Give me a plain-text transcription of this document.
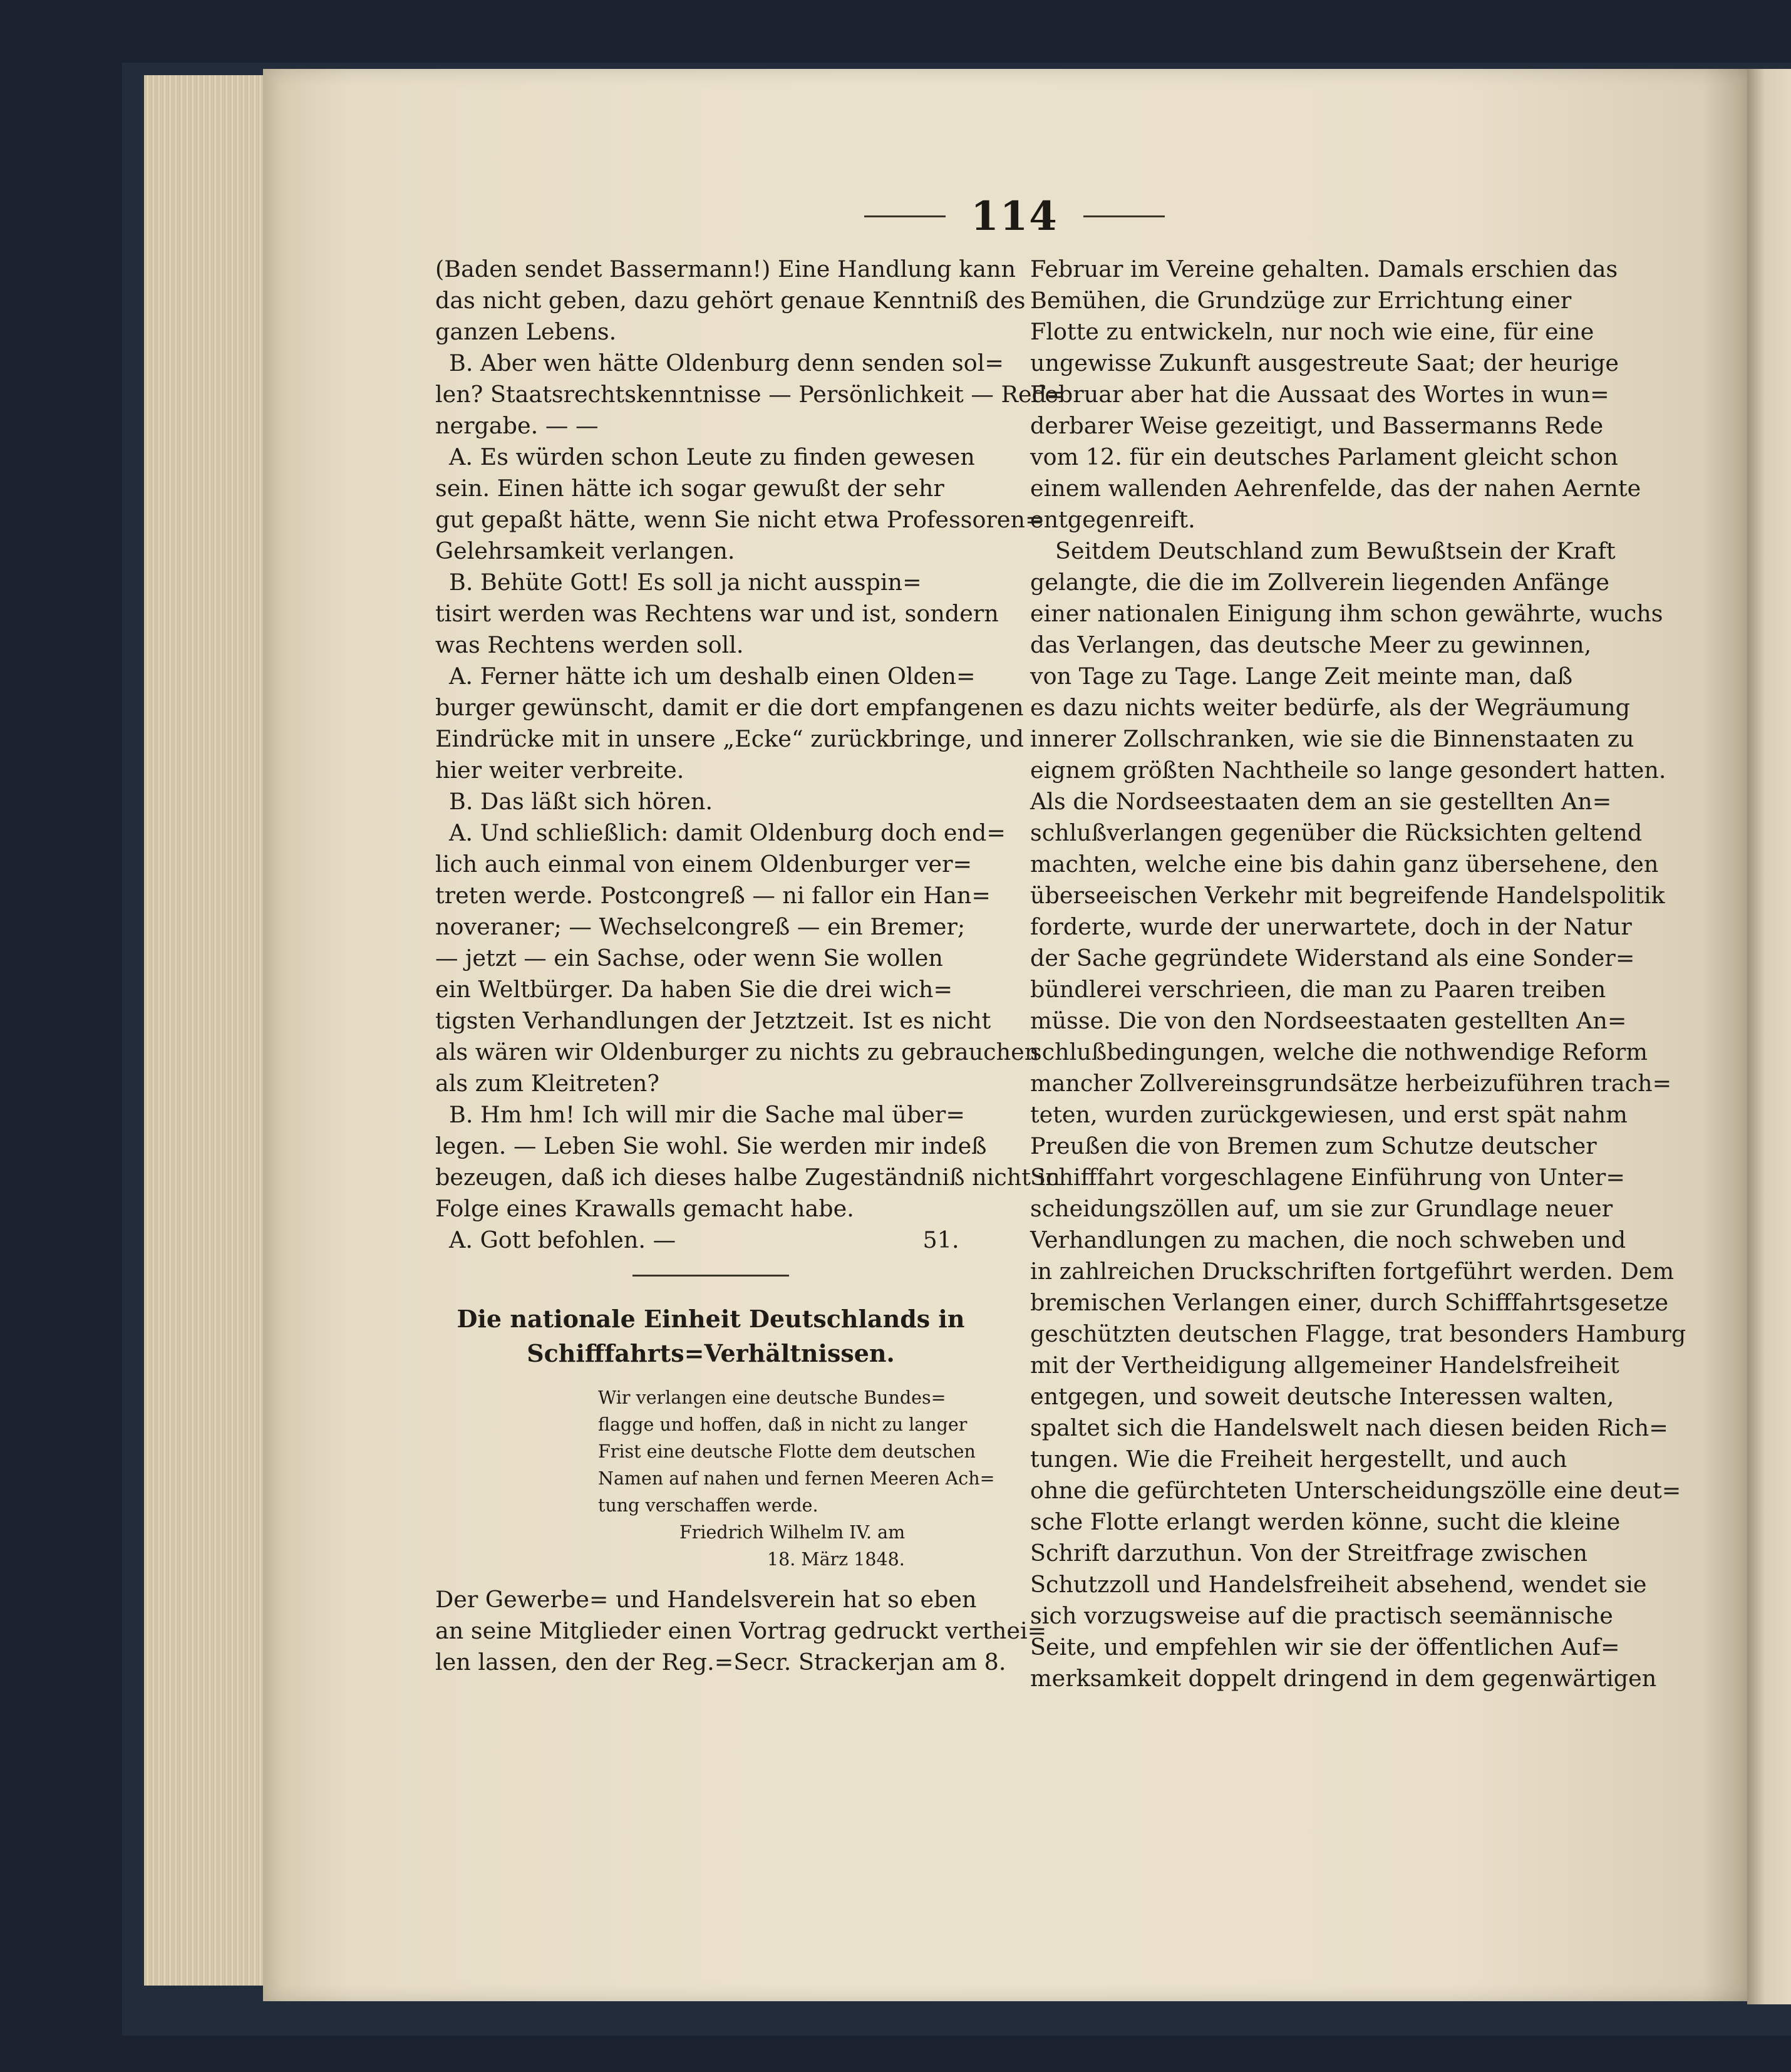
114
(Baden sendet Bassermann!) Eine Handlung kann
das nicht geben, dazu gehört genaue Kenntniß des
ganzen Lebens.
B. Aber wen hätte Oldenburg denn senden sol=
len? Staatsrechtskenntnisse — Persönlichkeit — Red=
nergabe. — —
A. Es würden schon Leute zu finden gewesen
sein. Einen hätte ich sogar gewußt der sehr
gut gepaßt hätte, wenn Sie nicht etwa Professoren=
Gelehrsamkeit verlangen.
B. Behüte Gott! Es soll ja nicht ausspin=
tisirt werden was Rechtens war und ist, sondern
was Rechtens werden soll.
A. Ferner hätte ich um deshalb einen Olden=
burger gewünscht, damit er die dort empfangenen
Eindrücke mit in unsere „Ecke“ zurückbringe, und
hier weiter verbreite.
B. Das läßt sich hören.
A. Und schließlich: damit Oldenburg doch end=
lich auch einmal von einem Oldenburger ver=
treten werde. Postcongreß — ni fallor ein Han=
noveraner; — Wechselcongreß — ein Bremer;
— jetzt — ein Sachse, oder wenn Sie wollen
ein Weltbürger. Da haben Sie die drei wich=
tigsten Verhandlungen der Jetztzeit. Ist es nicht
als wären wir Oldenburger zu nichts zu gebrauchen
als zum Kleitreten?
B. Hm hm! Ich will mir die Sache mal über=
legen. — Leben Sie wohl. Sie werden mir indeß
bezeugen, daß ich dieses halbe Zugeständniß nicht in
Folge eines Krawalls gemacht habe.
A. Gott befohlen. —                                  51.
Die nationale Einheit Deutschlands in
Schifffahrts=Verhältnissen.
Wir verlangen eine deutsche Bundes=
flagge und hoffen, daß in nicht zu langer
Frist eine deutsche Flotte dem deutschen
Namen auf nahen und fernen Meeren Ach=
tung verschaffen werde.
Friedrich Wilhelm IV. am
18. März 1848.
Der Gewerbe= und Handelsverein hat so eben
an seine Mitglieder einen Vortrag gedruckt verthei=
len lassen, den der Reg.=Secr. Strackerjan am 8.
Februar im Vereine gehalten. Damals erschien das
Bemühen, die Grundzüge zur Errichtung einer
Flotte zu entwickeln, nur noch wie eine, für eine
ungewisse Zukunft ausgestreute Saat; der heurige
Februar aber hat die Aussaat des Wortes in wun=
derbarer Weise gezeitigt, und Bassermanns Rede
vom 12. für ein deutsches Parlament gleicht schon
einem wallenden Aehrenfelde, das der nahen Aernte
entgegenreift.
Seitdem Deutschland zum Bewußtsein der Kraft
gelangte, die die im Zollverein liegenden Anfänge
einer nationalen Einigung ihm schon gewährte, wuchs
das Verlangen, das deutsche Meer zu gewinnen,
von Tage zu Tage. Lange Zeit meinte man, daß
es dazu nichts weiter bedürfe, als der Wegräumung
innerer Zollschranken, wie sie die Binnenstaaten zu
eignem größten Nachtheile so lange gesondert hatten.
Als die Nordseestaaten dem an sie gestellten An=
schlußverlangen gegenüber die Rücksichten geltend
machten, welche eine bis dahin ganz übersehene, den
überseeischen Verkehr mit begreifende Handelspolitik
forderte, wurde der unerwartete, doch in der Natur
der Sache gegründete Widerstand als eine Sonder=
bündlerei verschrieen, die man zu Paaren treiben
müsse. Die von den Nordseestaaten gestellten An=
schlußbedingungen, welche die nothwendige Reform
mancher Zollvereinsgrundsätze herbeizuführen trach=
teten, wurden zurückgewiesen, und erst spät nahm
Preußen die von Bremen zum Schutze deutscher
Schifffahrt vorgeschlagene Einführung von Unter=
scheidungszöllen auf, um sie zur Grundlage neuer
Verhandlungen zu machen, die noch schweben und
in zahlreichen Druckschriften fortgeführt werden. Dem
bremischen Verlangen einer, durch Schifffahrtsgesetze
geschützten deutschen Flagge, trat besonders Hamburg
mit der Vertheidigung allgemeiner Handelsfreiheit
entgegen, und soweit deutsche Interessen walten,
spaltet sich die Handelswelt nach diesen beiden Rich=
tungen. Wie die Freiheit hergestellt, und auch
ohne die gefürchteten Unterscheidungszölle eine deut=
sche Flotte erlangt werden könne, sucht die kleine
Schrift darzuthun. Von der Streitfrage zwischen
Schutzzoll und Handelsfreiheit absehend, wendet sie
sich vorzugsweise auf die practisch seemännische
Seite, und empfehlen wir sie der öffentlichen Auf=
merksamkeit doppelt dringend in dem gegenwärtigen
